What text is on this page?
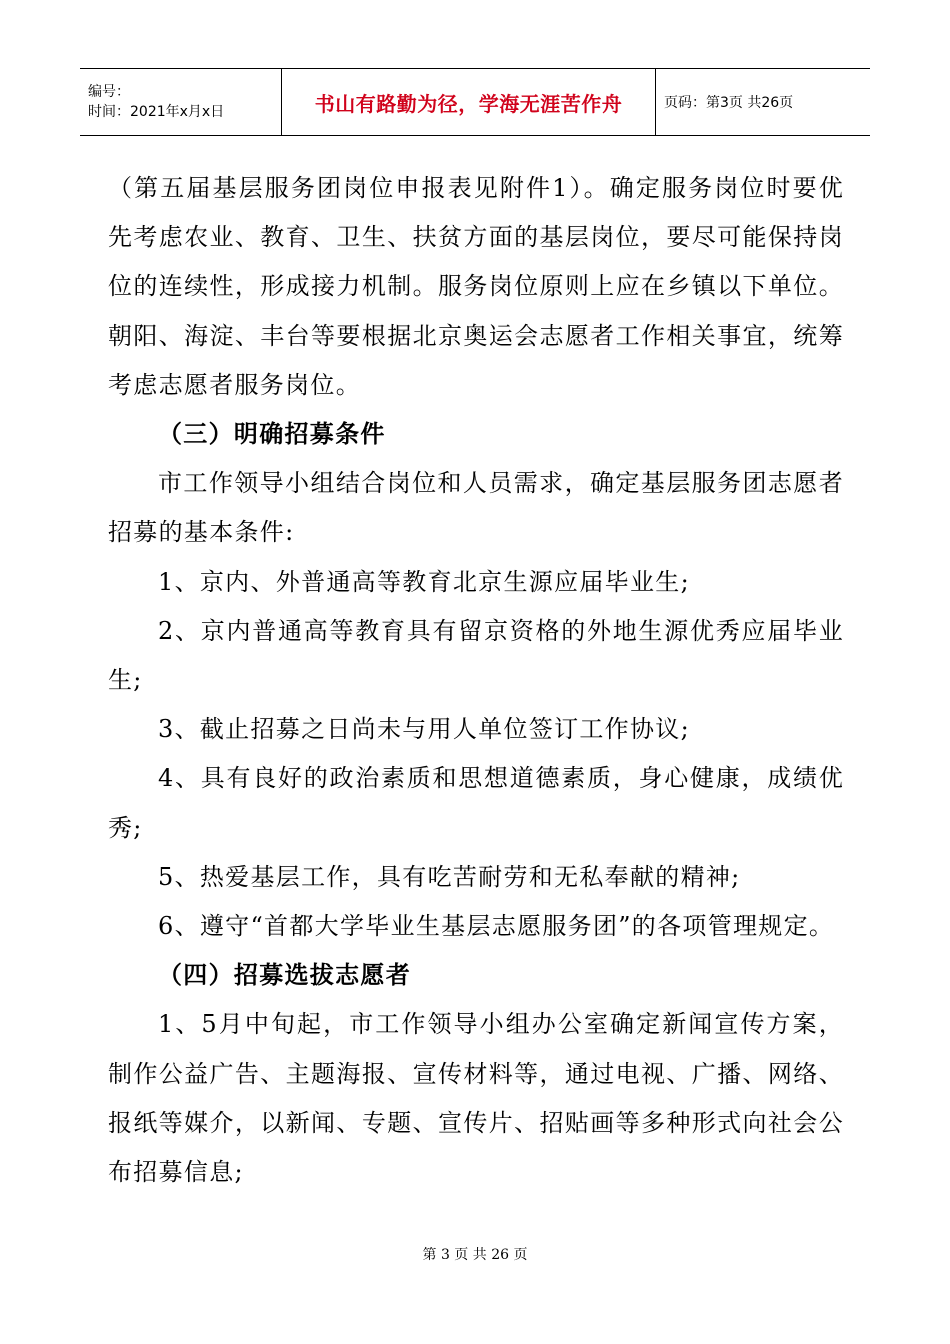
编号：
时间：2021年x月x日	书山有路勤为径，学海无涯苦作舟	页码：第3页 共26页

（第五届基层服务团岗位申报表见附件1）。确定服务岗位时要优先考虑农业、教育、卫生、扶贫方面的基层岗位，要尽可能保持岗位的连续性，形成接力机制。服务岗位原则上应在乡镇以下单位。朝阳、海淀、丰台等要根据北京奥运会志愿者工作相关事宜，统筹考虑志愿者服务岗位。

（三）明确招募条件

市工作领导小组结合岗位和人员需求，确定基层服务团志愿者招募的基本条件:

1、京内、外普通高等教育北京生源应届毕业生;

2、京内普通高等教育具有留京资格的外地生源优秀应届毕业生;

3、截止招募之日尚未与用人单位签订工作协议;

4、具有良好的政治素质和思想道德素质，身心健康，成绩优秀;

5、热爱基层工作，具有吃苦耐劳和无私奉献的精神;

6、遵守“首都大学毕业生基层志愿服务团”的各项管理规定。

（四）招募选拔志愿者

1、5月中旬起，市工作领导小组办公室确定新闻宣传方案，制作公益广告、主题海报、宣传材料等，通过电视、广播、网络、报纸等媒介，以新闻、专题、宣传片、招贴画等多种形式向社会公布招募信息;

第 3 页 共 26 页
